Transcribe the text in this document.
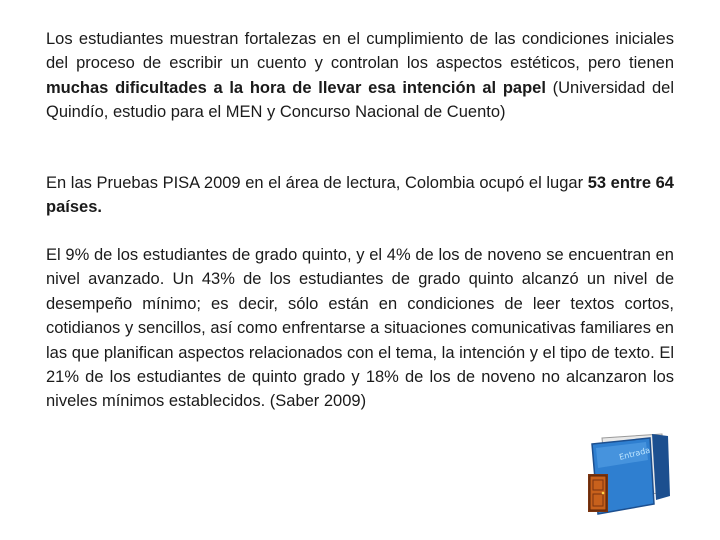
Los estudiantes muestran fortalezas en el cumplimiento de las condiciones iniciales del proceso de escribir un cuento y controlan los aspectos estéticos, pero tienen muchas dificultades a la hora de llevar esa intención al papel (Universidad del Quindío, estudio para el MEN y Concurso Nacional de Cuento)

En las Pruebas PISA 2009 en el área de lectura, Colombia ocupó el lugar 53 entre 64 países.

El 9% de los estudiantes de grado quinto, y el 4% de los de noveno se encuentran en nivel avanzado. Un 43% de los estudiantes de grado quinto alcanzó un nivel de desempeño mínimo; es decir, sólo están en condiciones de leer textos cortos, cotidianos y sencillos, así como enfrentarse a situaciones comunicativas familiares en las que planifican aspectos relacionados con el tema, la intención y el tipo de texto. El 21% de los estudiantes de quinto grado y 18% de los de noveno no alcanzaron los niveles mínimos establecidos. (Saber 2009)

Entrada
